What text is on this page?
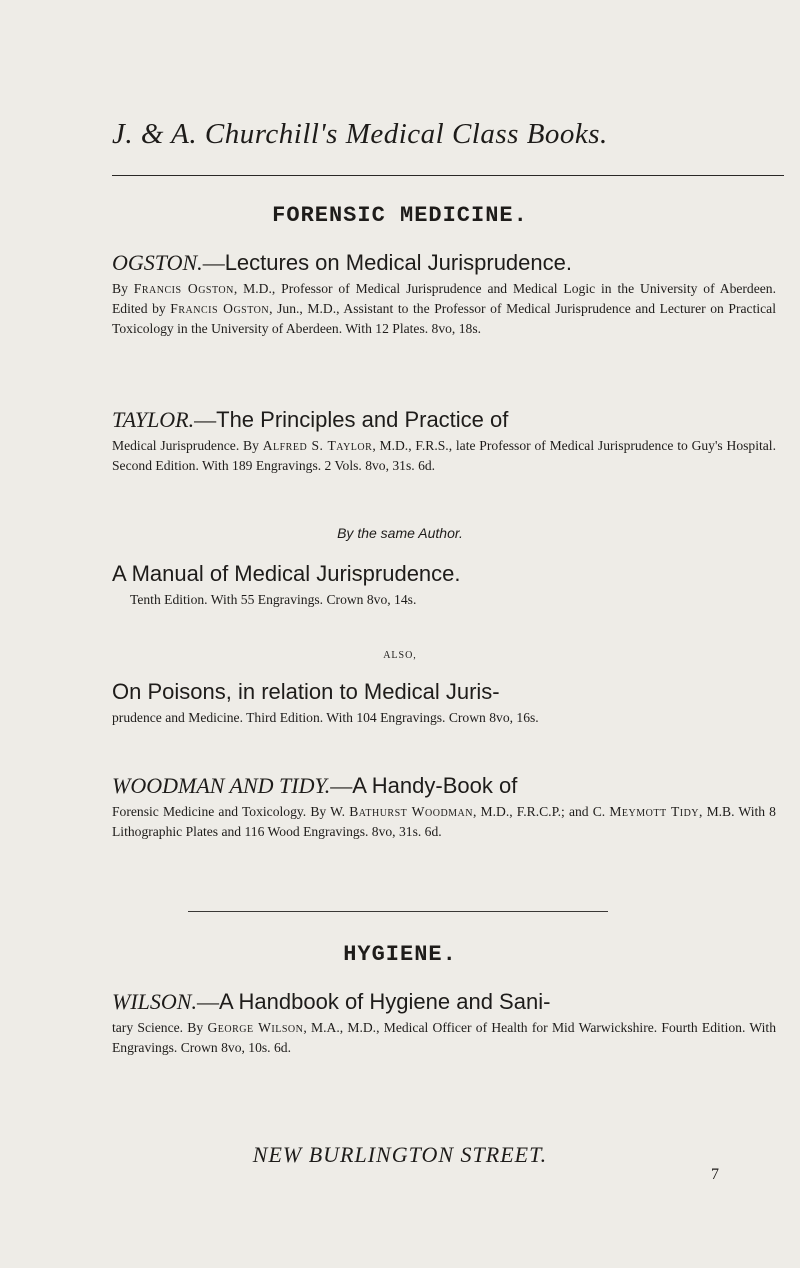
J. & A. Churchill's Medical Class Books.
FORENSIC MEDICINE.
OGSTON.—Lectures on Medical Jurisprudence.
By Francis Ogston, M.D., Professor of Medical Jurisprudence and Medical Logic in the University of Aberdeen. Edited by Francis Ogston, Jun., M.D., Assistant to the Professor of Medical Jurisprudence and Lecturer on Practical Toxicology in the University of Aberdeen. With 12 Plates. 8vo, 18s.
TAYLOR.—The Principles and Practice of
Medical Jurisprudence. By Alfred S. Taylor, M.D., F.R.S., late Professor of Medical Jurisprudence to Guy's Hospital. Second Edition. With 189 Engravings. 2 Vols. 8vo, 31s. 6d.
By the same Author.
A Manual of Medical Jurisprudence.
Tenth Edition. With 55 Engravings. Crown 8vo, 14s.
ALSO,
On Poisons, in relation to Medical Juris-
prudence and Medicine. Third Edition. With 104 Engravings. Crown 8vo, 16s.
WOODMAN AND TIDY.—A Handy-Book of
Forensic Medicine and Toxicology. By W. Bathurst Woodman, M.D., F.R.C.P.; and C. Meymott Tidy, M.B. With 8 Lithographic Plates and 116 Wood Engravings. 8vo, 31s. 6d.
HYGIENE.
WILSON.—A Handbook of Hygiene and Sani-
tary Science. By George Wilson, M.A., M.D., Medical Officer of Health for Mid Warwickshire. Fourth Edition. With Engravings. Crown 8vo, 10s. 6d.
NEW BURLINGTON STREET.
7
